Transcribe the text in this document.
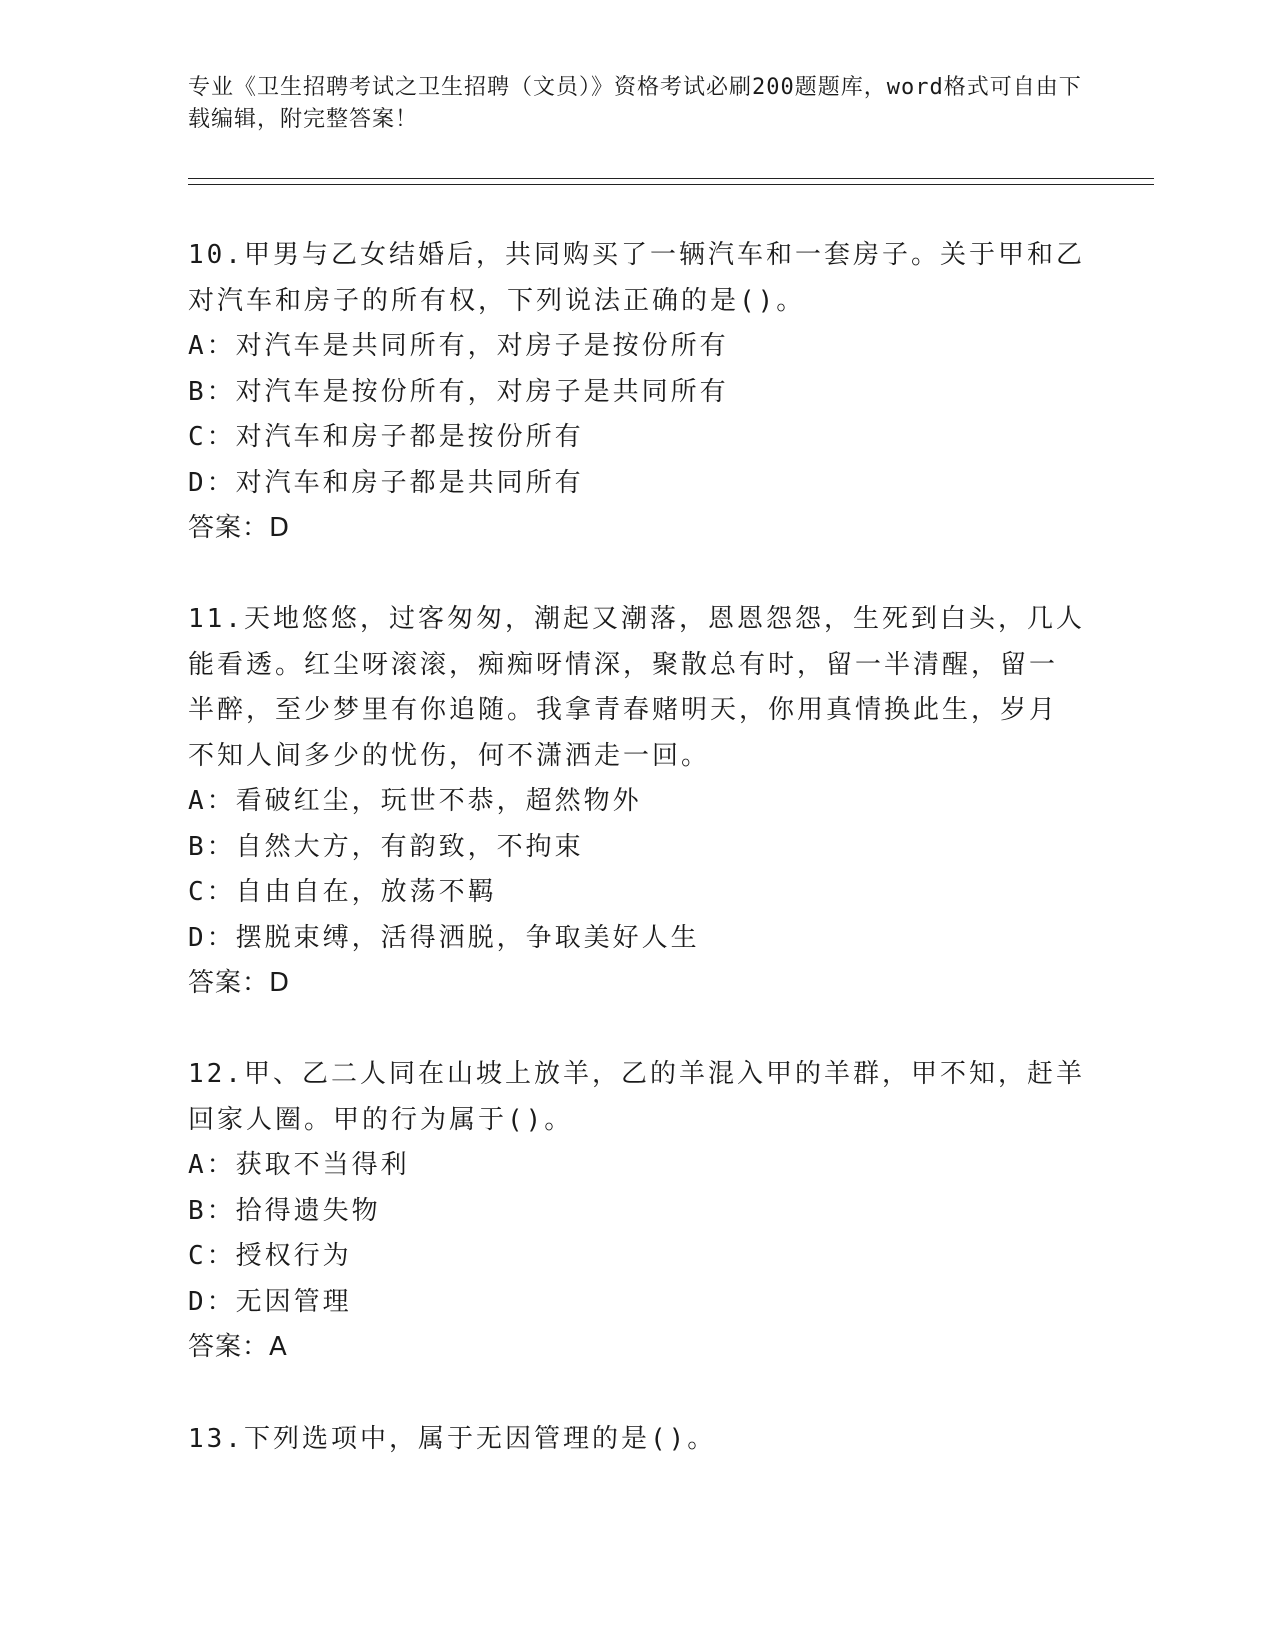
专业《卫生招聘考试之卫生招聘（文员）》资格考试必刷200题题库，word格式可自由下载编辑，附完整答案！

10.甲男与乙女结婚后，共同购买了一辆汽车和一套房子。关于甲和乙

对汽车和房子的所有权，下列说法正确的是()。

A：对汽车是共同所有，对房子是按份所有

B：对汽车是按份所有，对房子是共同所有

C：对汽车和房子都是按份所有

D：对汽车和房子都是共同所有

答案：D

11.天地悠悠，过客匆匆，潮起又潮落，恩恩怨怨，生死到白头，几人

能看透。红尘呀滚滚，痴痴呀情深，聚散总有时，留一半清醒，留一

半醉，至少梦里有你追随。我拿青春赌明天，你用真情换此生，岁月

不知人间多少的忧伤，何不潇洒走一回。

A：看破红尘，玩世不恭，超然物外

B：自然大方，有韵致，不拘束

C：自由自在，放荡不羁

D：摆脱束缚，活得洒脱，争取美好人生

答案：D

12.甲、乙二人同在山坡上放羊，乙的羊混入甲的羊群，甲不知，赶羊

回家人圈。甲的行为属于()。

A：获取不当得利

B：拾得遗失物

C：授权行为

D：无因管理

答案：A

13.下列选项中，属于无因管理的是()。
